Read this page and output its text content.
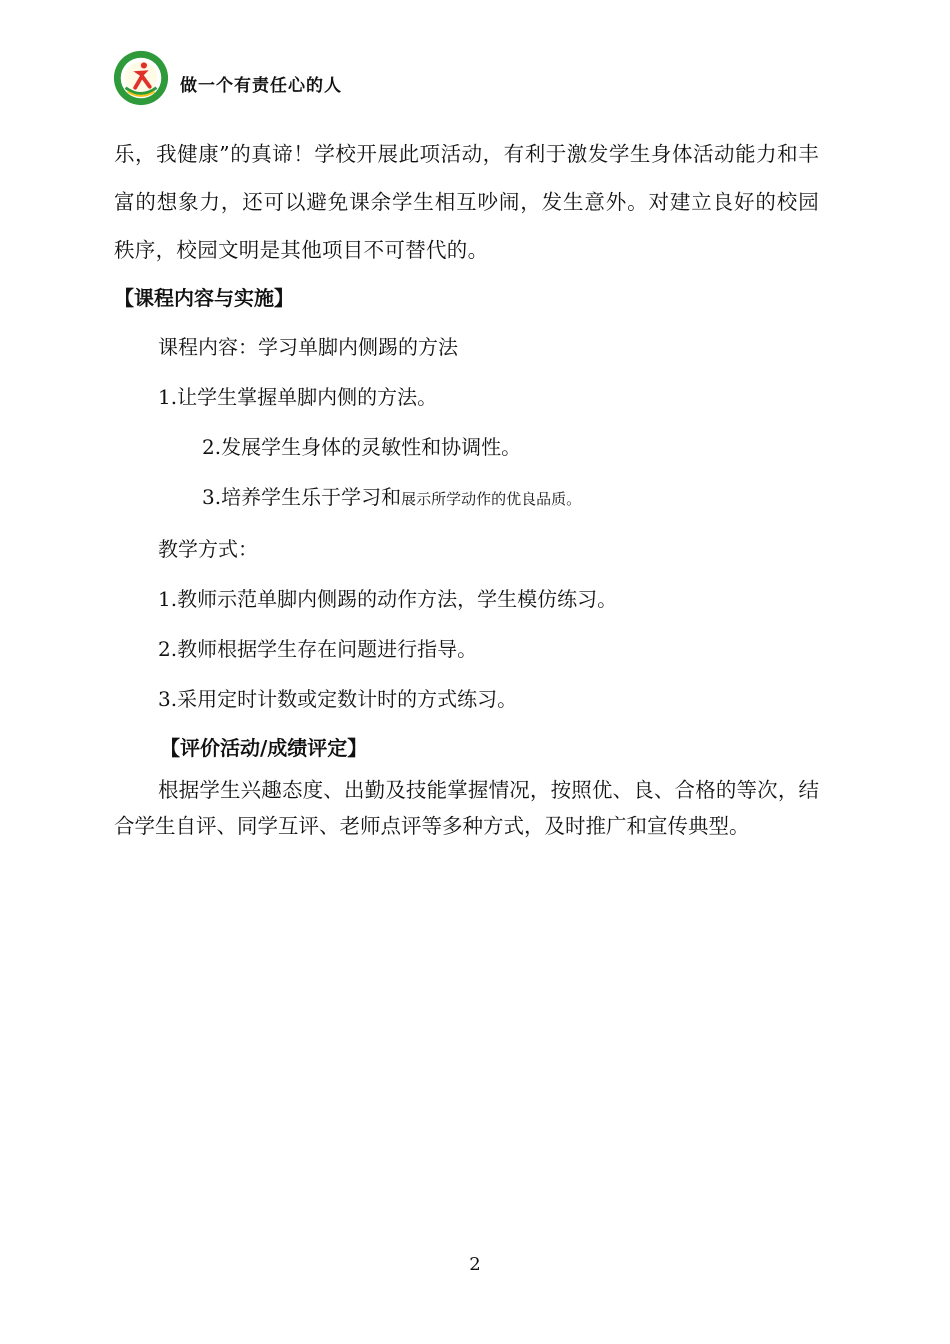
做一个有责任心的人

乐，我健康”的真谛！学校开展此项活动，有利于激发学生身体活动能力和丰富的想象力，还可以避免课余学生相互吵闹，发生意外。对建立良好的校园秩序，校园文明是其他项目不可替代的。

【课程内容与实施】

课程内容：学习单脚内侧踢的方法

1.让学生掌握单脚内侧的方法。

2.发展学生身体的灵敏性和协调性。

3.培养学生乐于学习和展示所学动作的优良品质。

教学方式：

1.教师示范单脚内侧踢的动作方法，学生模仿练习。

2.教师根据学生存在问题进行指导。

3.采用定时计数或定数计时的方式练习。

【评价活动/成绩评定】

根据学生兴趣态度、出勤及技能掌握情况，按照优、良、合格的等次，结合学生自评、同学互评、老师点评等多种方式，及时推广和宣传典型。

2
